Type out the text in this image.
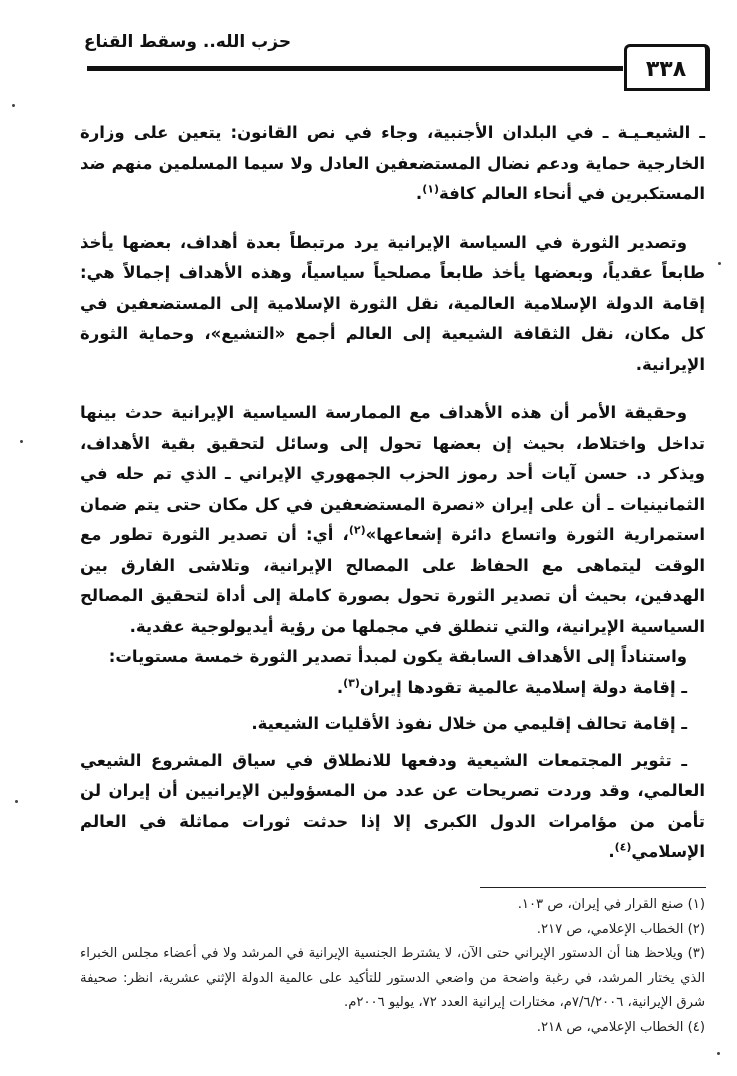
حزب الله.. وسقط القناع
٣٣٨

ـ الشيعـيـة ـ في البلدان الأجنبية، وجاء في نص القانون: يتعين على وزارة الخارجية حماية ودعم نضال المستضعفين العادل ولا سيما المسلمين منهم ضد المستكبرين في أنحاء العالم كافة$^{(١)}$.

وتصدير الثورة في السياسة الإيرانية يرد مرتبطاً بعدة أهداف، بعضها يأخذ طابعاً عقدياً، وبعضها يأخذ طابعاً مصلحياً سياسياً، وهذه الأهداف إجمالاً هي: إقامة الدولة الإسلامية العالمية، نقل الثورة الإسلامية إلى المستضعفين في كل مكان، نقل الثقافة الشيعية إلى العالم أجمع «التشيع»، وحماية الثورة الإيرانية.

وحقيقة الأمر أن هذه الأهداف مع الممارسة السياسية الإيرانية حدث بينها تداخل واختلاط، بحيث إن بعضها تحول إلى وسائل لتحقيق بقية الأهداف، ويذكر د. حسن آيات أحد رموز الحزب الجمهوري الإيراني ـ الذي تم حله في الثمانينيات ـ أن على إيران «نصرة المستضعفين في كل مكان حتى يتم ضمان استمرارية الثورة واتساع دائرة إشعاعها»$^{(٢)}$، أي: أن تصدير الثورة تطور مع الوقت ليتماهى مع الحفاظ على المصالح الإيرانية، وتلاشى الفارق بين الهدفين، بحيث أن تصدير الثورة تحول بصورة كاملة إلى أداة لتحقيق المصالح السياسية الإيرانية، والتي تنطلق في مجملها من رؤية أيديولوجية عقدية.

واستناداً إلى الأهداف السابقة يكون لمبدأ تصدير الثورة خمسة مستويات:

ـ إقامة دولة إسلامية عالمية تقودها إيران$^{(٣)}$.

ـ إقامة تحالف إقليمي من خلال نفوذ الأقليات الشيعية.

ـ تثوير المجتمعات الشيعية ودفعها للانطلاق في سياق المشروع الشيعي العالمي، وقد وردت تصريحات عن عدد من المسؤولين الإيرانيين أن إيران لن تأمن من مؤامرات الدول الكبرى إلا إذا حدثت ثورات مماثلة في العالم الإسلامي$^{(٤)}$.

(١) صنع القرار في إيران، ص ١٠٣.

(٢) الخطاب الإعلامي، ص ٢١٧.

(٣) ويلاحظ هنا أن الدستور الإيراني حتى الآن، لا يشترط الجنسية الإيرانية في المرشد ولا في أعضاء مجلس الخبراء الذي يختار المرشد، في رغبة واضحة من واضعي الدستور للتأكيد على عالمية الدولة الإثني عشرية، انظر: صحيفة شرق الإيرانية، ٧/٦/٢٠٠٦م، مختارات إيرانية العدد ٧٢، يوليو ٢٠٠٦م.

(٤) الخطاب الإعلامي، ص ٢١٨.
